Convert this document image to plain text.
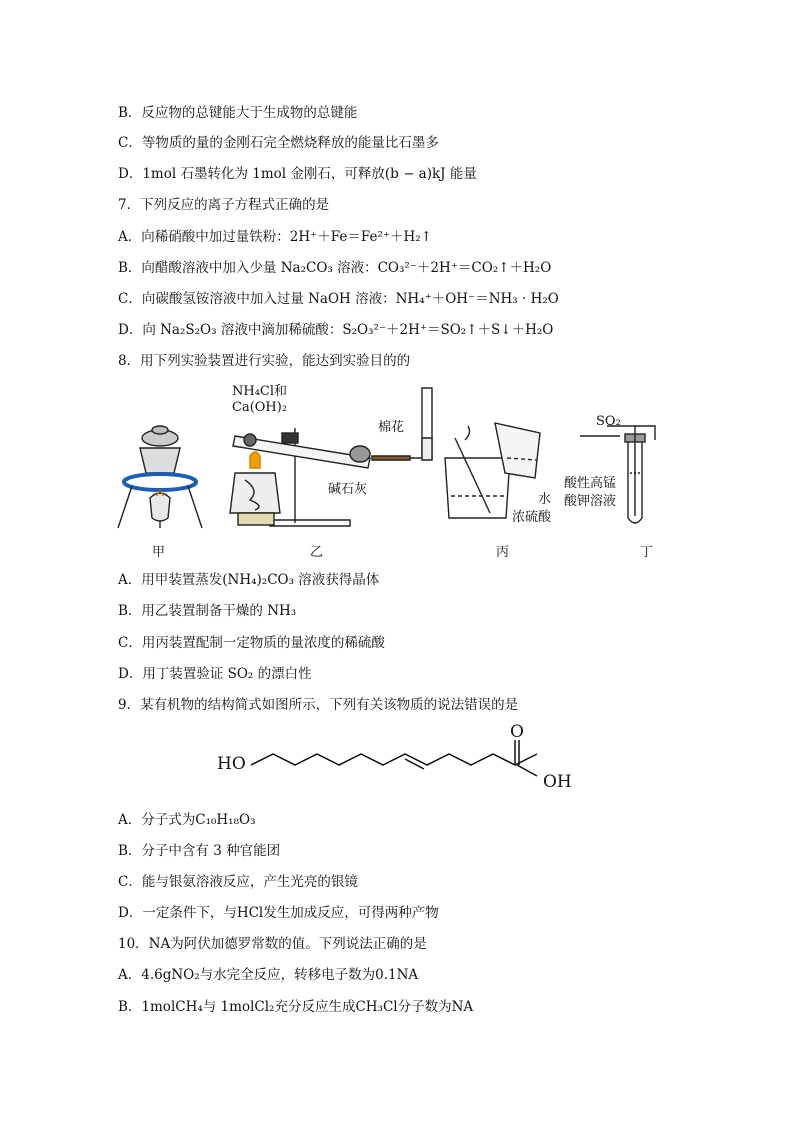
B．反应物的总键能大于生成物的总键能
C．等物质的量的金刚石完全燃烧释放的能量比石墨多
D．1mol 石墨转化为 1mol 金刚石，可释放(b − a)kJ 能量
7．下列反应的离子方程式正确的是
A．向稀硝酸中加过量铁粉：2H⁺＋Fe＝Fe²⁺＋H₂↑
B．向醋酸溶液中加入少量 Na₂CO₃ 溶液：CO₃²⁻＋2H⁺＝CO₂↑＋H₂O
C．向碳酸氢铵溶液中加入过量 NaOH 溶液：NH₄⁺＋OH⁻＝NH₃ · H₂O
D．向 Na₂S₂O₃ 溶液中滴加稀硫酸：S₂O₃²⁻＋2H⁺＝SO₂↑＋S↓＋H₂O
8．用下列实验装置进行实验，能达到实验目的的
NH₄Cl和
Ca(OH)₂
棉花
碱石灰
水
浓硫酸
SO₂
酸性高锰
酸钾溶液
甲	乙	丙	丁
A．用甲装置蒸发(NH₄)₂CO₃ 溶液获得晶体
B．用乙装置制备干燥的 NH₃
C．用丙装置配制一定物质的量浓度的稀硫酸
D．用丁装置验证 SO₂ 的漂白性
9．某有机物的结构简式如图所示，下列有关该物质的说法错误的是
HO
O
OH
A．分子式为C₁₀H₁₈O₃
B．分子中含有 3 种官能团
C．能与银氨溶液反应，产生光亮的银镜
D．一定条件下，与HCl发生加成反应，可得两种产物
10．NA为阿伏加德罗常数的值。下列说法正确的是
A．4.6gNO₂与水完全反应，转移电子数为0.1NA
B．1molCH₄与 1molCl₂充分反应生成CH₃Cl分子数为NA
